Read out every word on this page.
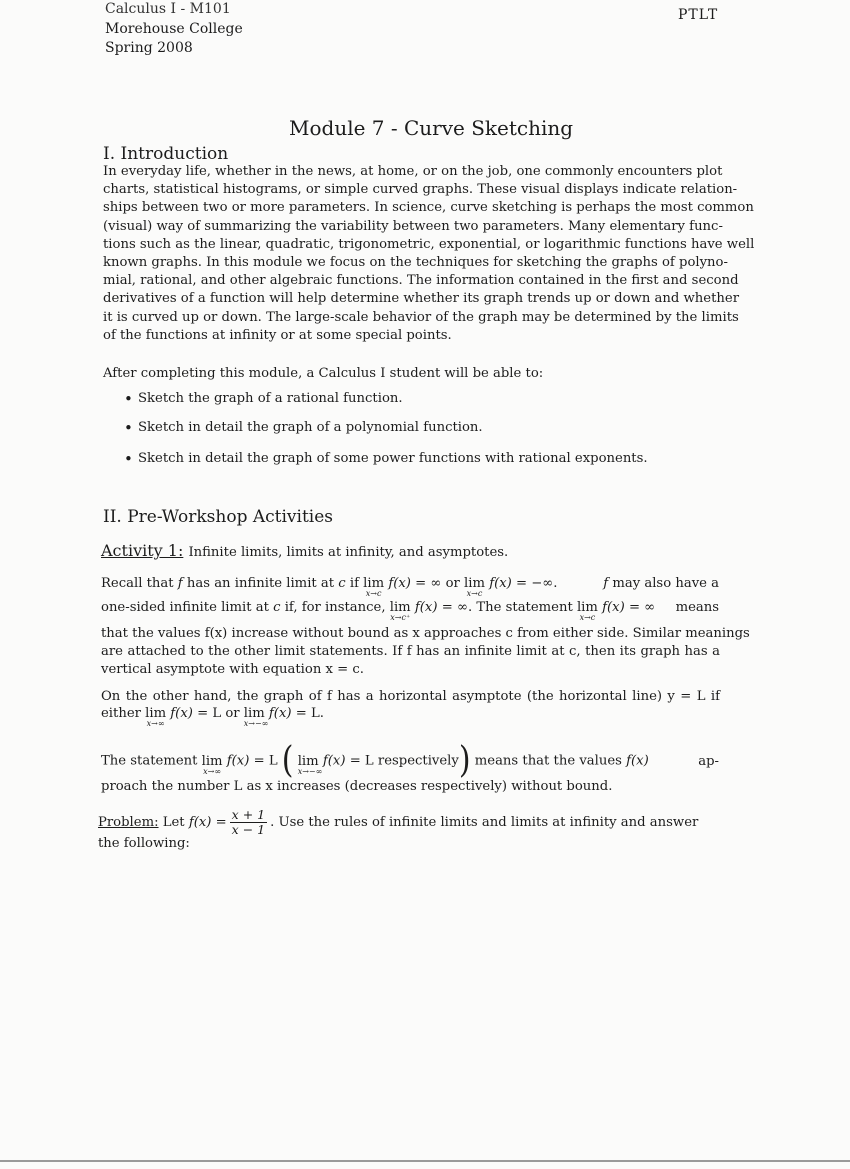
Calculus I - M101
Morehouse College
Spring 2008
PTLT
Module 7 - Curve Sketching
I. Introduction
In everyday life, whether in the news, at home, or on the job, one commonly encounters plot
charts, statistical histograms, or simple curved graphs. These visual displays indicate relation-
ships between two or more parameters. In science, curve sketching is perhaps the most common
(visual) way of summarizing the variability between two parameters. Many elementary func-
tions such as the linear, quadratic, trigonometric, exponential, or logarithmic functions have well
known graphs. In this module we focus on the techniques for sketching the graphs of polyno-
mial, rational, and other algebraic functions. The information contained in the first and second
derivatives of a function will help determine whether its graph trends up or down and whether
it is curved up or down. The large-scale behavior of the graph may be determined by the limits
of the functions at infinity or at some special points.
After completing this module, a Calculus I student will be able to:
• Sketch the graph of a rational function.
• Sketch in detail the graph of a polynomial function.
• Sketch in detail the graph of some power functions with rational exponents.
II. Pre-Workshop Activities
Activity 1: Infinite limits, limits at infinity, and asymptotes.
Recall that f has an infinite limit at c if lim
x→c
f(x) = ∞ or lim
x→c
f(x) = −∞.	f may also have a
one-sided infinite limit at c if, for instance, lim
x→c⁺
f(x) = ∞. The statement lim
x→c
f(x) = ∞ means
that the values f(x) increase without bound as x approaches c from either side. Similar meanings
are attached to the other limit statements. If f has an infinite limit at c, then its graph has a
vertical asymptote with equation x = c.
On the other hand, the graph of f has a horizontal asymptote (the horizontal line) y = L if
either lim
x→∞
f(x) = L or lim
x→−∞
f(x) = L.
The statement lim
x→∞
f(x) = L ( lim
x→−∞
f(x) = L respectively) means that the values f(x)	ap-
proach the number L as x increases (decreases respectively) without bound.
Problem:
Let
$f(x) = \frac{x + 1}{x - 1}$ . Use the rules of infinite limits and limits at infinity and answer
the following:
